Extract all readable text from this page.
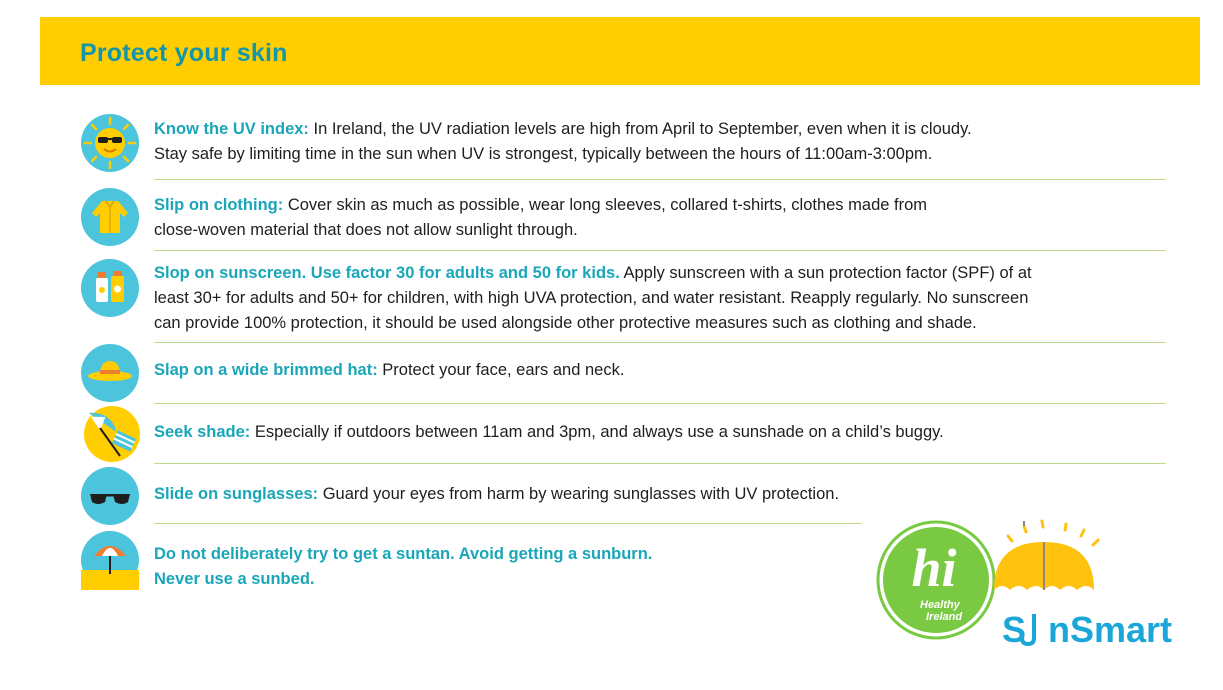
Protect your skin
Know the UV index: In Ireland, the UV radiation levels are high from April to September, even when it is cloudy.
Stay safe by limiting time in the sun when UV is strongest, typically between the hours of 11:00am-3:00pm.
Slip on clothing: Cover skin as much as possible, wear long sleeves, collared t-shirts, clothes made from
close-woven material that does not allow sunlight through.
Slop on sunscreen. Use factor 30 for adults and 50 for kids. Apply sunscreen with a sun protection factor (SPF) of at
least 30+ for adults and 50+ for children, with high UVA protection, and water resistant. Reapply regularly. No sunscreen
can provide 100% protection, it should be used alongside other protective measures such as clothing and shade.
Slap on a wide brimmed hat: Protect your face, ears and neck.
Seek shade: Especially if outdoors between 11am and 3pm, and always use a sunshade on a child’s buggy.
Slide on sunglasses: Guard your eyes from harm by wearing sunglasses with UV protection.
Do not deliberately try to get a suntan. Avoid getting a sunburn.
Never use a sunbed.	hi
Healthy
Ireland S nSmart
